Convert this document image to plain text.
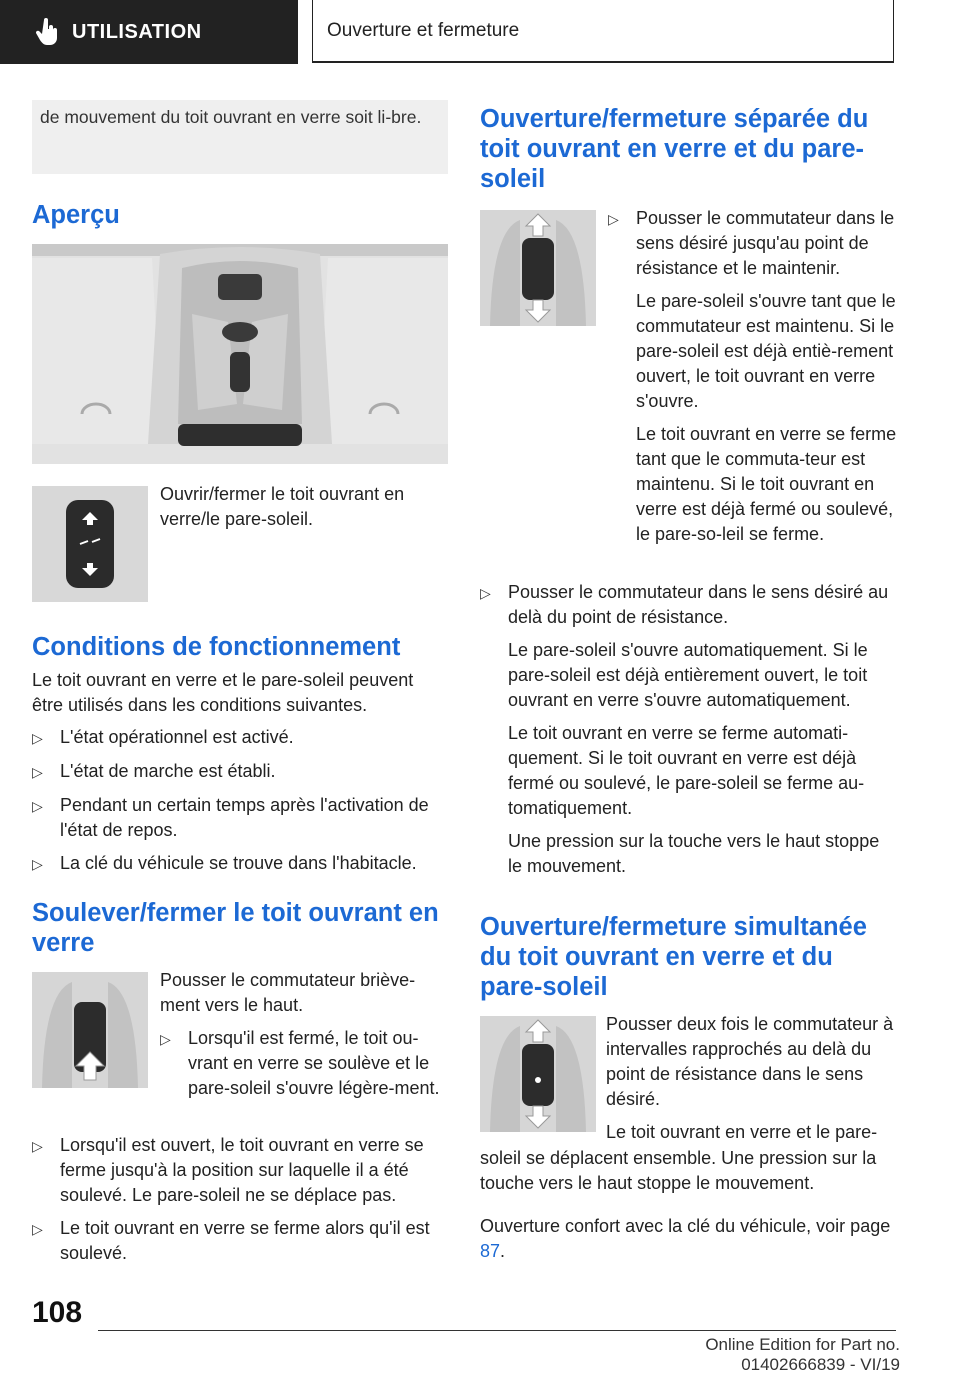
UTILISATION	Ouverture et fermeture
de mouvement du toit ouvrant en verre soit li-bre.
Aperçu
Ouvrir/fermer le toit ouvrant en verre/le pare-soleil.
Conditions de fonctionnement
Le toit ouvrant en verre et le pare-soleil peuvent être utilisés dans les conditions suivantes.
▷ L'état opérationnel est activé.
▷ L'état de marche est établi.
▷ Pendant un certain temps après l'activation de l'état de repos.
▷ La clé du véhicule se trouve dans l'habitacle.
Soulever/fermer le toit ouvrant en verre
Pousser le commutateur briève-ment vers le haut.
▷ Lorsqu'il est fermé, le toit ou-vrant en verre se soulève et le pare-soleil s'ouvre légère-ment.
▷ Lorsqu'il est ouvert, le toit ouvrant en verre se ferme jusqu'à la position sur laquelle il a été soulevé. Le pare-soleil ne se déplace pas.
▷ Le toit ouvrant en verre se ferme alors qu'il est soulevé.
Ouverture/fermeture séparée du toit ouvrant en verre et du pare-soleil
▷ Pousser le commutateur dans le sens désiré jusqu'au point de résistance et le maintenir.
Le pare-soleil s'ouvre tant que le commutateur est maintenu. Si le pare-soleil est déjà entiè-rement ouvert, le toit ouvrant en verre s'ouvre.
Le toit ouvrant en verre se ferme tant que le commuta-teur est maintenu. Si le toit ouvrant en verre est déjà fermé ou soulevé, le pare-so-leil se ferme.
▷ Pousser le commutateur dans le sens désiré au delà du point de résistance.
Le pare-soleil s'ouvre automatiquement. Si le pare-soleil est déjà entièrement ouvert, le toit ouvrant en verre s'ouvre automatiquement.
Le toit ouvrant en verre se ferme automati-quement. Si le toit ouvrant en verre est déjà fermé ou soulevé, le pare-soleil se ferme au-tomatiquement.
Une pression sur la touche vers le haut stoppe le mouvement.
Ouverture/fermeture simultanée du toit ouvrant en verre et du pare-soleil
Pousser deux fois le commutateur à intervalles rapprochés au delà du point de résistance dans le sens désiré.
Le toit ouvrant en verre et le pare-
soleil se déplacent ensemble. Une pression sur la touche vers le haut stoppe le mouvement.
Ouverture confort avec la clé du véhicule, voir page 87.
108
Online Edition for Part no. 01402666839 - VI/19
